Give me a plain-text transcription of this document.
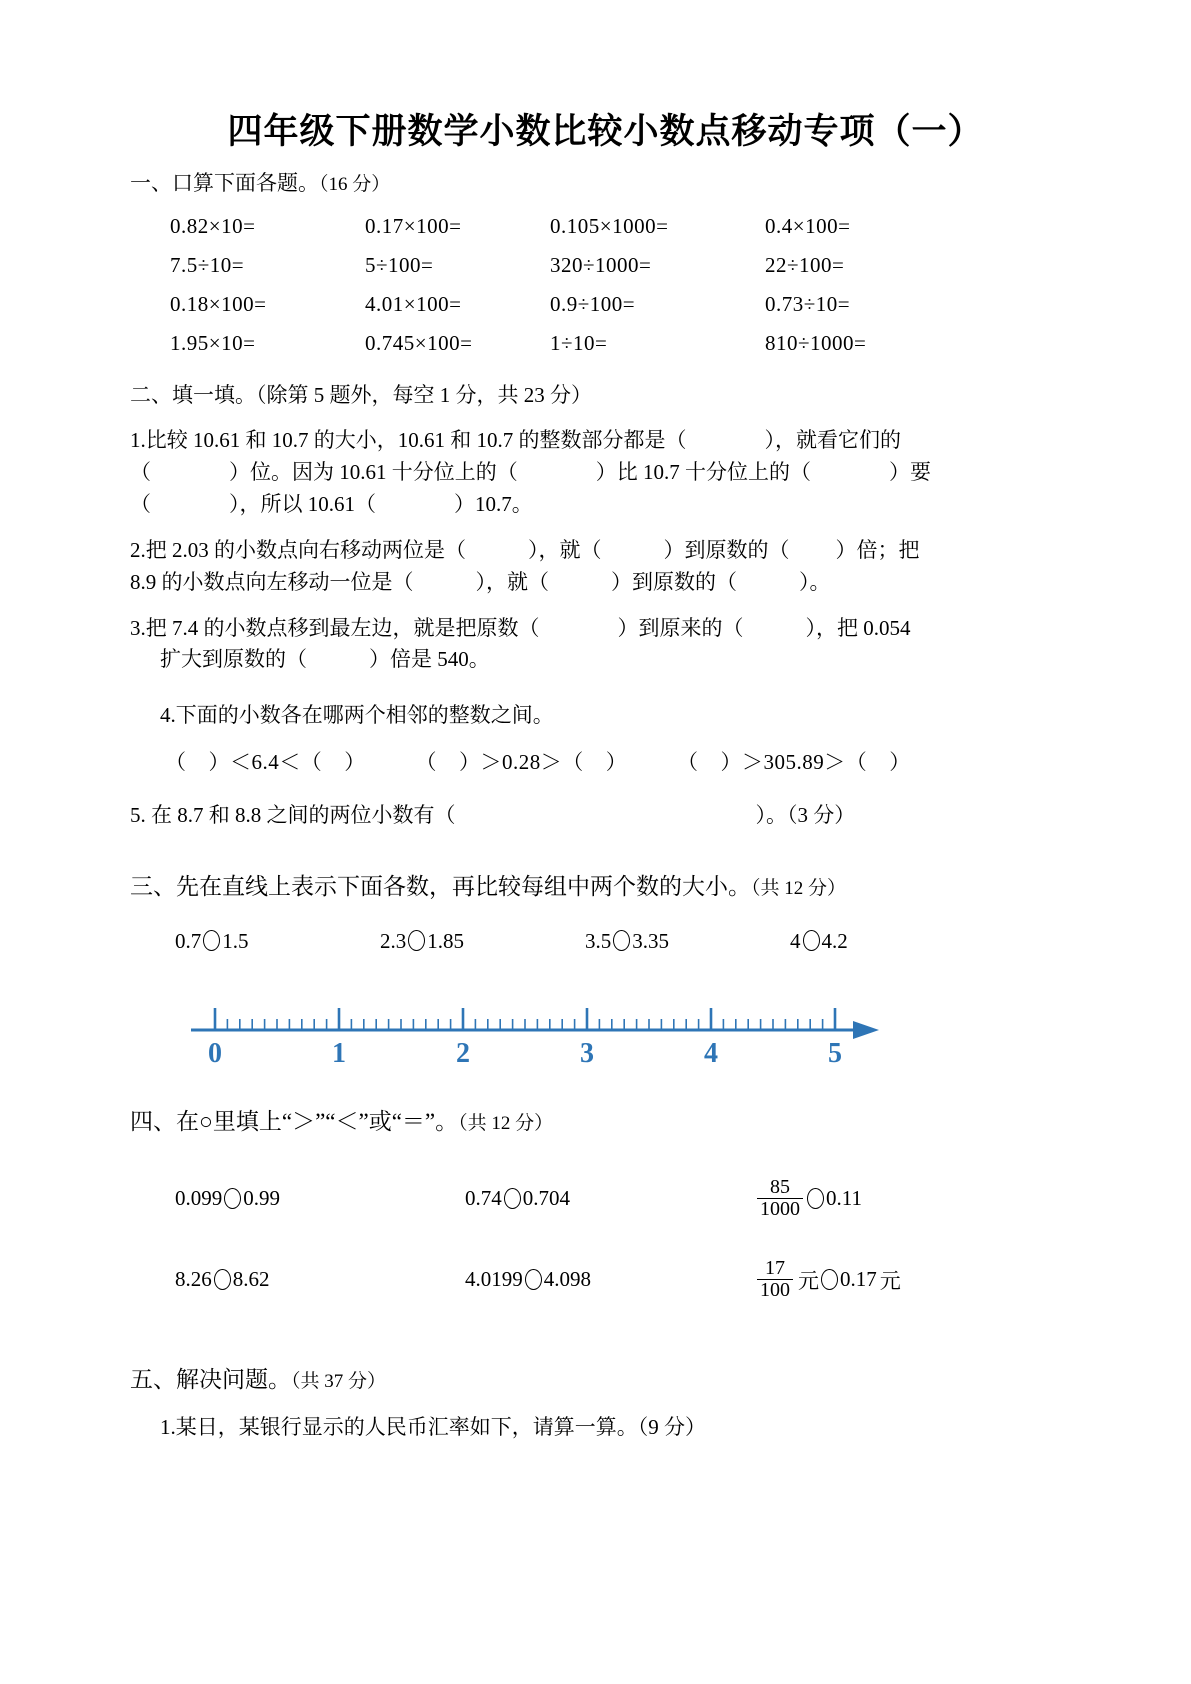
四年级下册数学小数比较小数点移动专项（一）
一、口算下面各题。（16 分）
0.82×10=	0.17×100=	0.105×1000=	0.4×100=
7.5÷10=	5÷100=	320÷1000=	22÷100=
0.18×100=	4.01×100=	0.9÷100=	0.73÷10=
1.95×10=	0.745×100=	1÷10=	810÷1000=
二、填一填。（除第 5 题外，每空 1 分，共 23 分）
1.比较 10.61 和 10.7 的大小，10.61 和 10.7 的整数部分都是（	），就看它们的
（	）位。因为 10.61 十分位上的（	）比 10.7 十分位上的（	）要
（	），所以 10.61（	）10.7。
2.把 2.03 的小数点向右移动两位是（	），就（	）到原数的（ ）倍；把
8.9 的小数点向左移动一位是（	），就（	）到原数的（	）。
3.把 7.4 的小数点移到最左边，就是把原数（	）到原来的（	），把 0.054
扩大到原数的（	）倍是 540。
4.下面的小数各在哪两个相邻的整数之间。
（ ）＜6.4＜（ ） （ ）＞0.28＞（ ） （ ）＞305.89＞（ ）
5. 在 8.7 和 8.8 之间的两位小数有（	）。（3 分）
三、先在直线上表示下面各数，再比较每组中两个数的大小。（共 12 分）
0.7 1.5	2.3 1.85	3.5 3.35	4 4.2
0	1	2	3	4	5
四、在○里填上“＞”“＜”或“＝”。（共 12 分）
0.099 0.99	0.74 0.704	$\frac{85}{1000} 0.11$
8.26 8.62	4.0199 4.098	$\frac{17}{100}$ 元 0.17 元
五、解决问题。（共 37 分）
1.某日，某银行显示的人民币汇率如下，请算一算。（9 分）
